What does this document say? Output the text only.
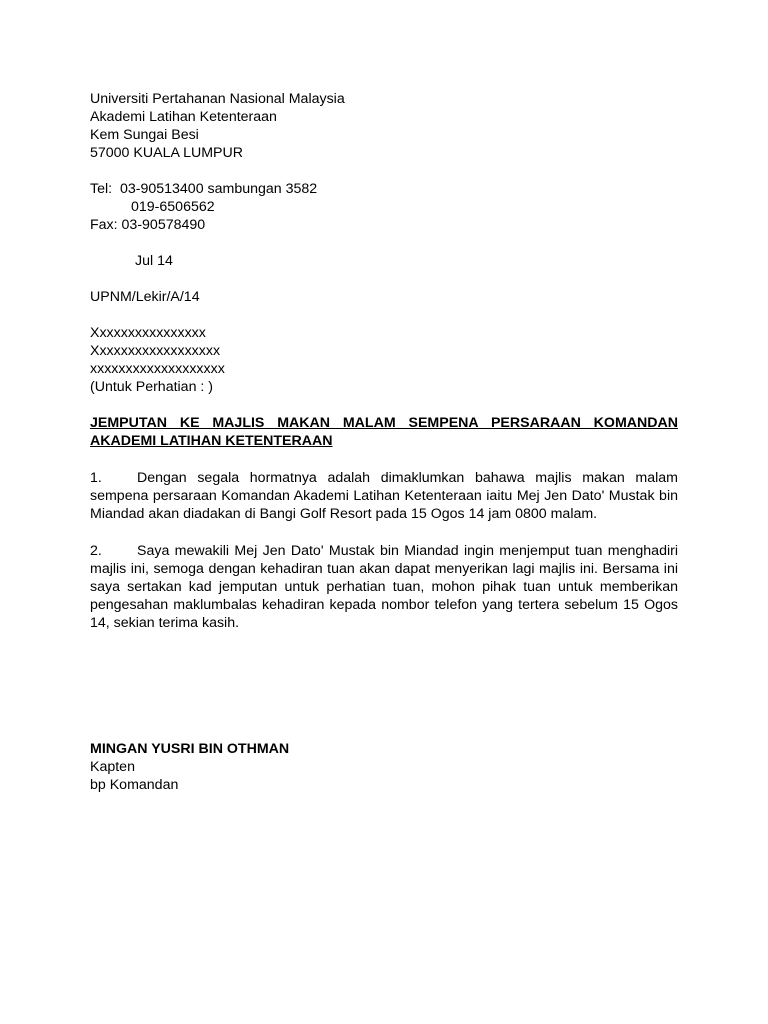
Universiti Pertahanan Nasional Malaysia
Akademi Latihan Ketenteraan
Kem Sungai Besi
57000 KUALA LUMPUR
Tel:  03-90513400 sambungan 3582
019-6506562
Fax: 03-90578490
Jul 14
UPNM/Lekir/A/14
Xxxxxxxxxxxxxxxx
Xxxxxxxxxxxxxxxxxx
xxxxxxxxxxxxxxxxxxx
(Untuk Perhatian : )
JEMPUTAN KE MAJLIS MAKAN MALAM SEMPENA PERSARAAN KOMANDAN
AKADEMI LATIHAN KETENTERAAN
1. Dengan segala hormatnya adalah dimaklumkan bahawa majlis makan malam sempena persaraan Komandan Akademi Latihan Ketenteraan iaitu Mej Jen Dato' Mustak bin Miandad akan diadakan di Bangi Golf Resort pada 15 Ogos 14 jam 0800 malam.
2. Saya mewakili Mej Jen Dato' Mustak bin Miandad ingin menjemput tuan menghadiri majlis ini, semoga dengan kehadiran tuan akan dapat menyerikan lagi majlis ini. Bersama ini saya sertakan kad jemputan untuk perhatian tuan, mohon pihak tuan untuk memberikan pengesahan maklumbalas kehadiran kepada nombor telefon yang tertera sebelum 15 Ogos 14, sekian terima kasih.
MINGAN YUSRI BIN OTHMAN
Kapten
bp Komandan
